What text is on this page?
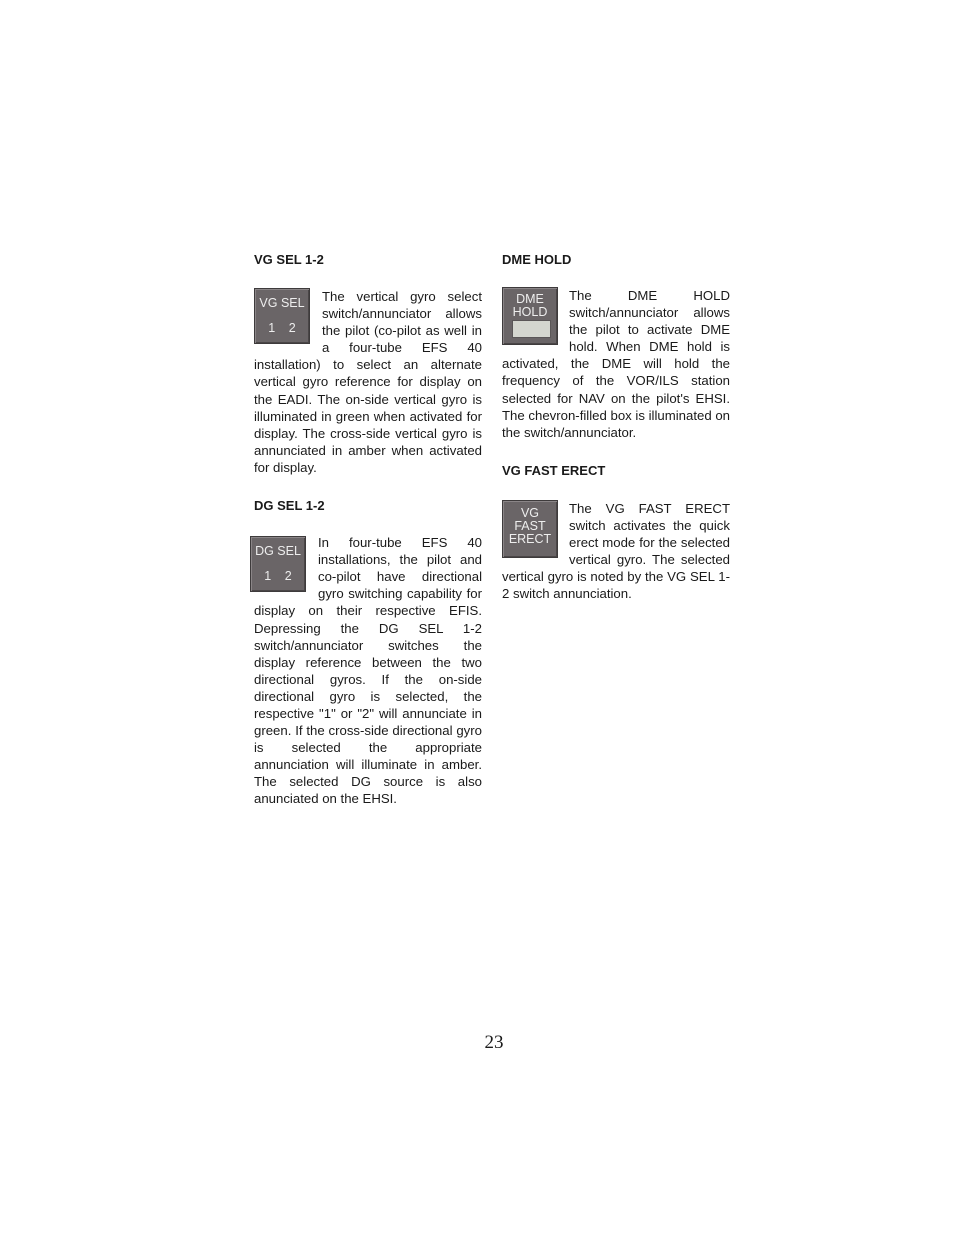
VG SEL 1-2

VG SEL
1 2

The vertical gyro select switch/annunciator allows the pilot (co-pilot as well in a four-tube EFS 40 installation) to select an alternate vertical gyro reference for display on the EADI. The on-side vertical gyro is illuminated in green when activated for display. The cross-side vertical gyro is annunciated in amber when activated for display.

DG SEL 1-2

DG SEL
1 2

In four-tube EFS 40 installations, the pilot and co-pilot have directional gyro switching capability for display on their respective EFIS. Depressing the DG SEL 1-2 switch/annunciator switches the display reference between the two directional gyros. If the on-side directional gyro is selected, the respective "1" or "2" will annunciate in green. If the cross-side directional gyro is selected the appropriate annunciation will illuminate in amber. The selected DG source is also anunciated on the EHSI.

DME HOLD

DME
HOLD

The DME HOLD switch/annunciator allows the pilot to activate DME hold. When DME hold is activated, the DME will hold the frequency of the VOR/ILS station selected for NAV on the pilot's EHSI. The chevron-filled box is illuminated on the switch/annunciator.

VG FAST ERECT

VG
FAST
ERECT

The VG FAST ERECT switch activates the quick erect mode for the selected vertical gyro. The selected vertical gyro is noted by the VG SEL 1-2 switch annunciation.

23
